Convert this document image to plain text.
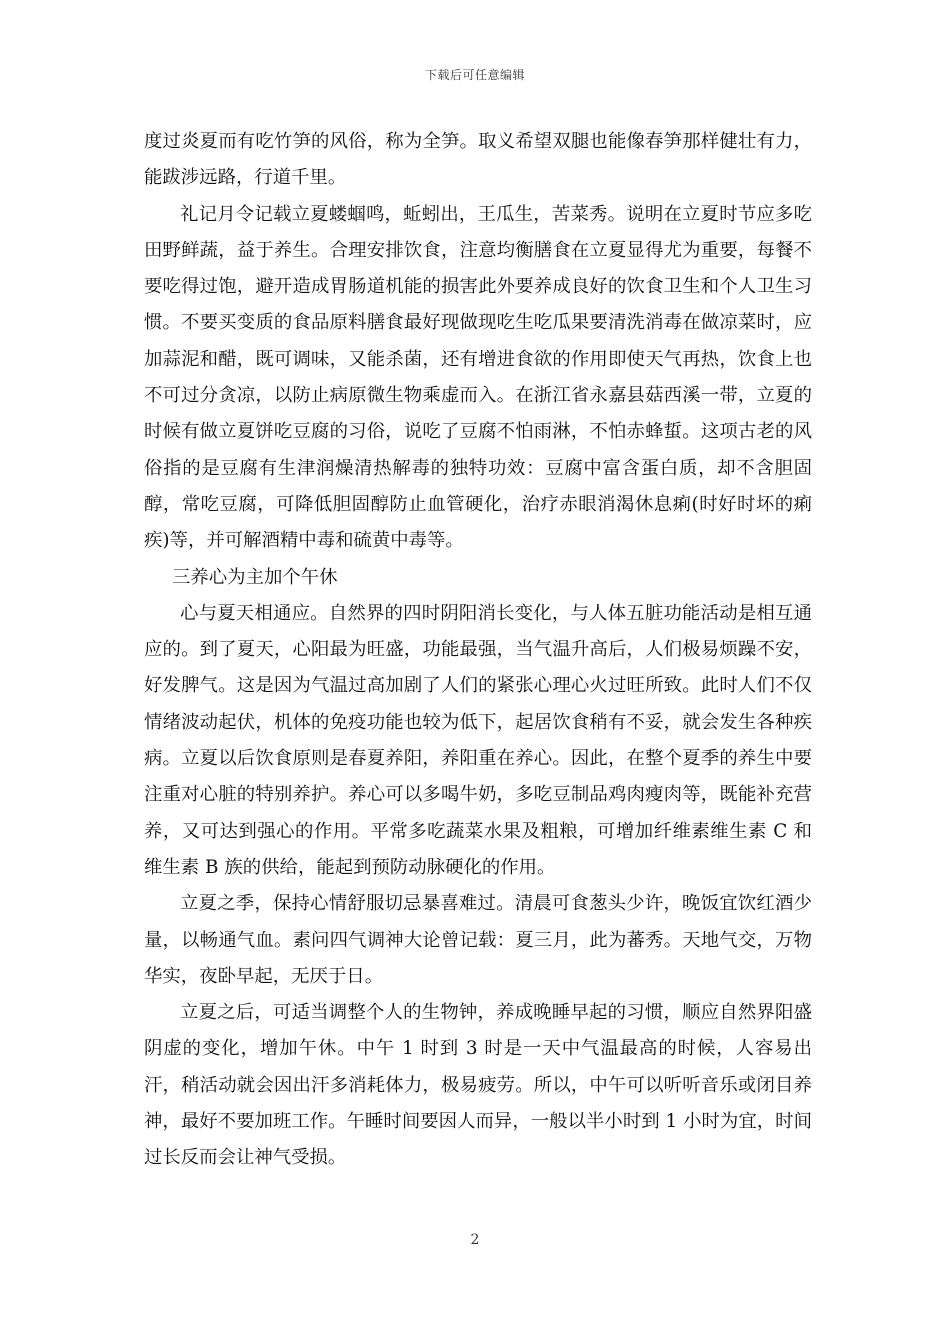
下载后可任意编辑

度过炎夏而有吃竹笋的风俗，称为全笋。取义希望双腿也能像春笋那样健壮有力，能跋涉远路，行道千里。

礼记月令记载立夏蝼蝈鸣，蚯蚓出，王瓜生，苦菜秀。说明在立夏时节应多吃田野鲜蔬，益于养生。合理安排饮食，注意均衡膳食在立夏显得尤为重要，每餐不要吃得过饱，避开造成胃肠道机能的损害此外要养成良好的饮食卫生和个人卫生习惯。不要买变质的食品原料膳食最好现做现吃生吃瓜果要清洗消毒在做凉菜时，应加蒜泥和醋，既可调味，又能杀菌，还有增进食欲的作用即使天气再热，饮食上也不可过分贪凉，以防止病原微生物乘虚而入。在浙江省永嘉县菇西溪一带，立夏的时候有做立夏饼吃豆腐的习俗，说吃了豆腐不怕雨淋，不怕赤蜂蜇。这项古老的风俗指的是豆腐有生津润燥清热解毒的独特功效：豆腐中富含蛋白质，却不含胆固醇，常吃豆腐，可降低胆固醇防止血管硬化，治疗赤眼消渴休息痢(时好时坏的痢疾)等，并可解酒精中毒和硫黄中毒等。

三养心为主加个午休

心与夏天相通应。自然界的四时阴阳消长变化，与人体五脏功能活动是相互通应的。到了夏天，心阳最为旺盛，功能最强，当气温升高后，人们极易烦躁不安，好发脾气。这是因为气温过高加剧了人们的紧张心理心火过旺所致。此时人们不仅情绪波动起伏，机体的免疫功能也较为低下，起居饮食稍有不妥，就会发生各种疾病。立夏以后饮食原则是春夏养阳，养阳重在养心。因此，在整个夏季的养生中要注重对心脏的特别养护。养心可以多喝牛奶，多吃豆制品鸡肉瘦肉等，既能补充营养，又可达到强心的作用。平常多吃蔬菜水果及粗粮，可增加纤维素维生素 C 和维生素 B 族的供给，能起到预防动脉硬化的作用。

立夏之季，保持心情舒服切忌暴喜难过。清晨可食葱头少许，晚饭宜饮红酒少量，以畅通气血。素问四气调神大论曾记载：夏三月，此为蕃秀。天地气交，万物华实，夜卧早起，无厌于日。

立夏之后，可适当调整个人的生物钟，养成晚睡早起的习惯，顺应自然界阳盛阴虚的变化，增加午休。中午 1 时到 3 时是一天中气温最高的时候，人容易出汗，稍活动就会因出汗多消耗体力，极易疲劳。所以，中午可以听听音乐或闭目养神，最好不要加班工作。午睡时间要因人而异，一般以半小时到 1 小时为宜，时间过长反而会让神气受损。

2
